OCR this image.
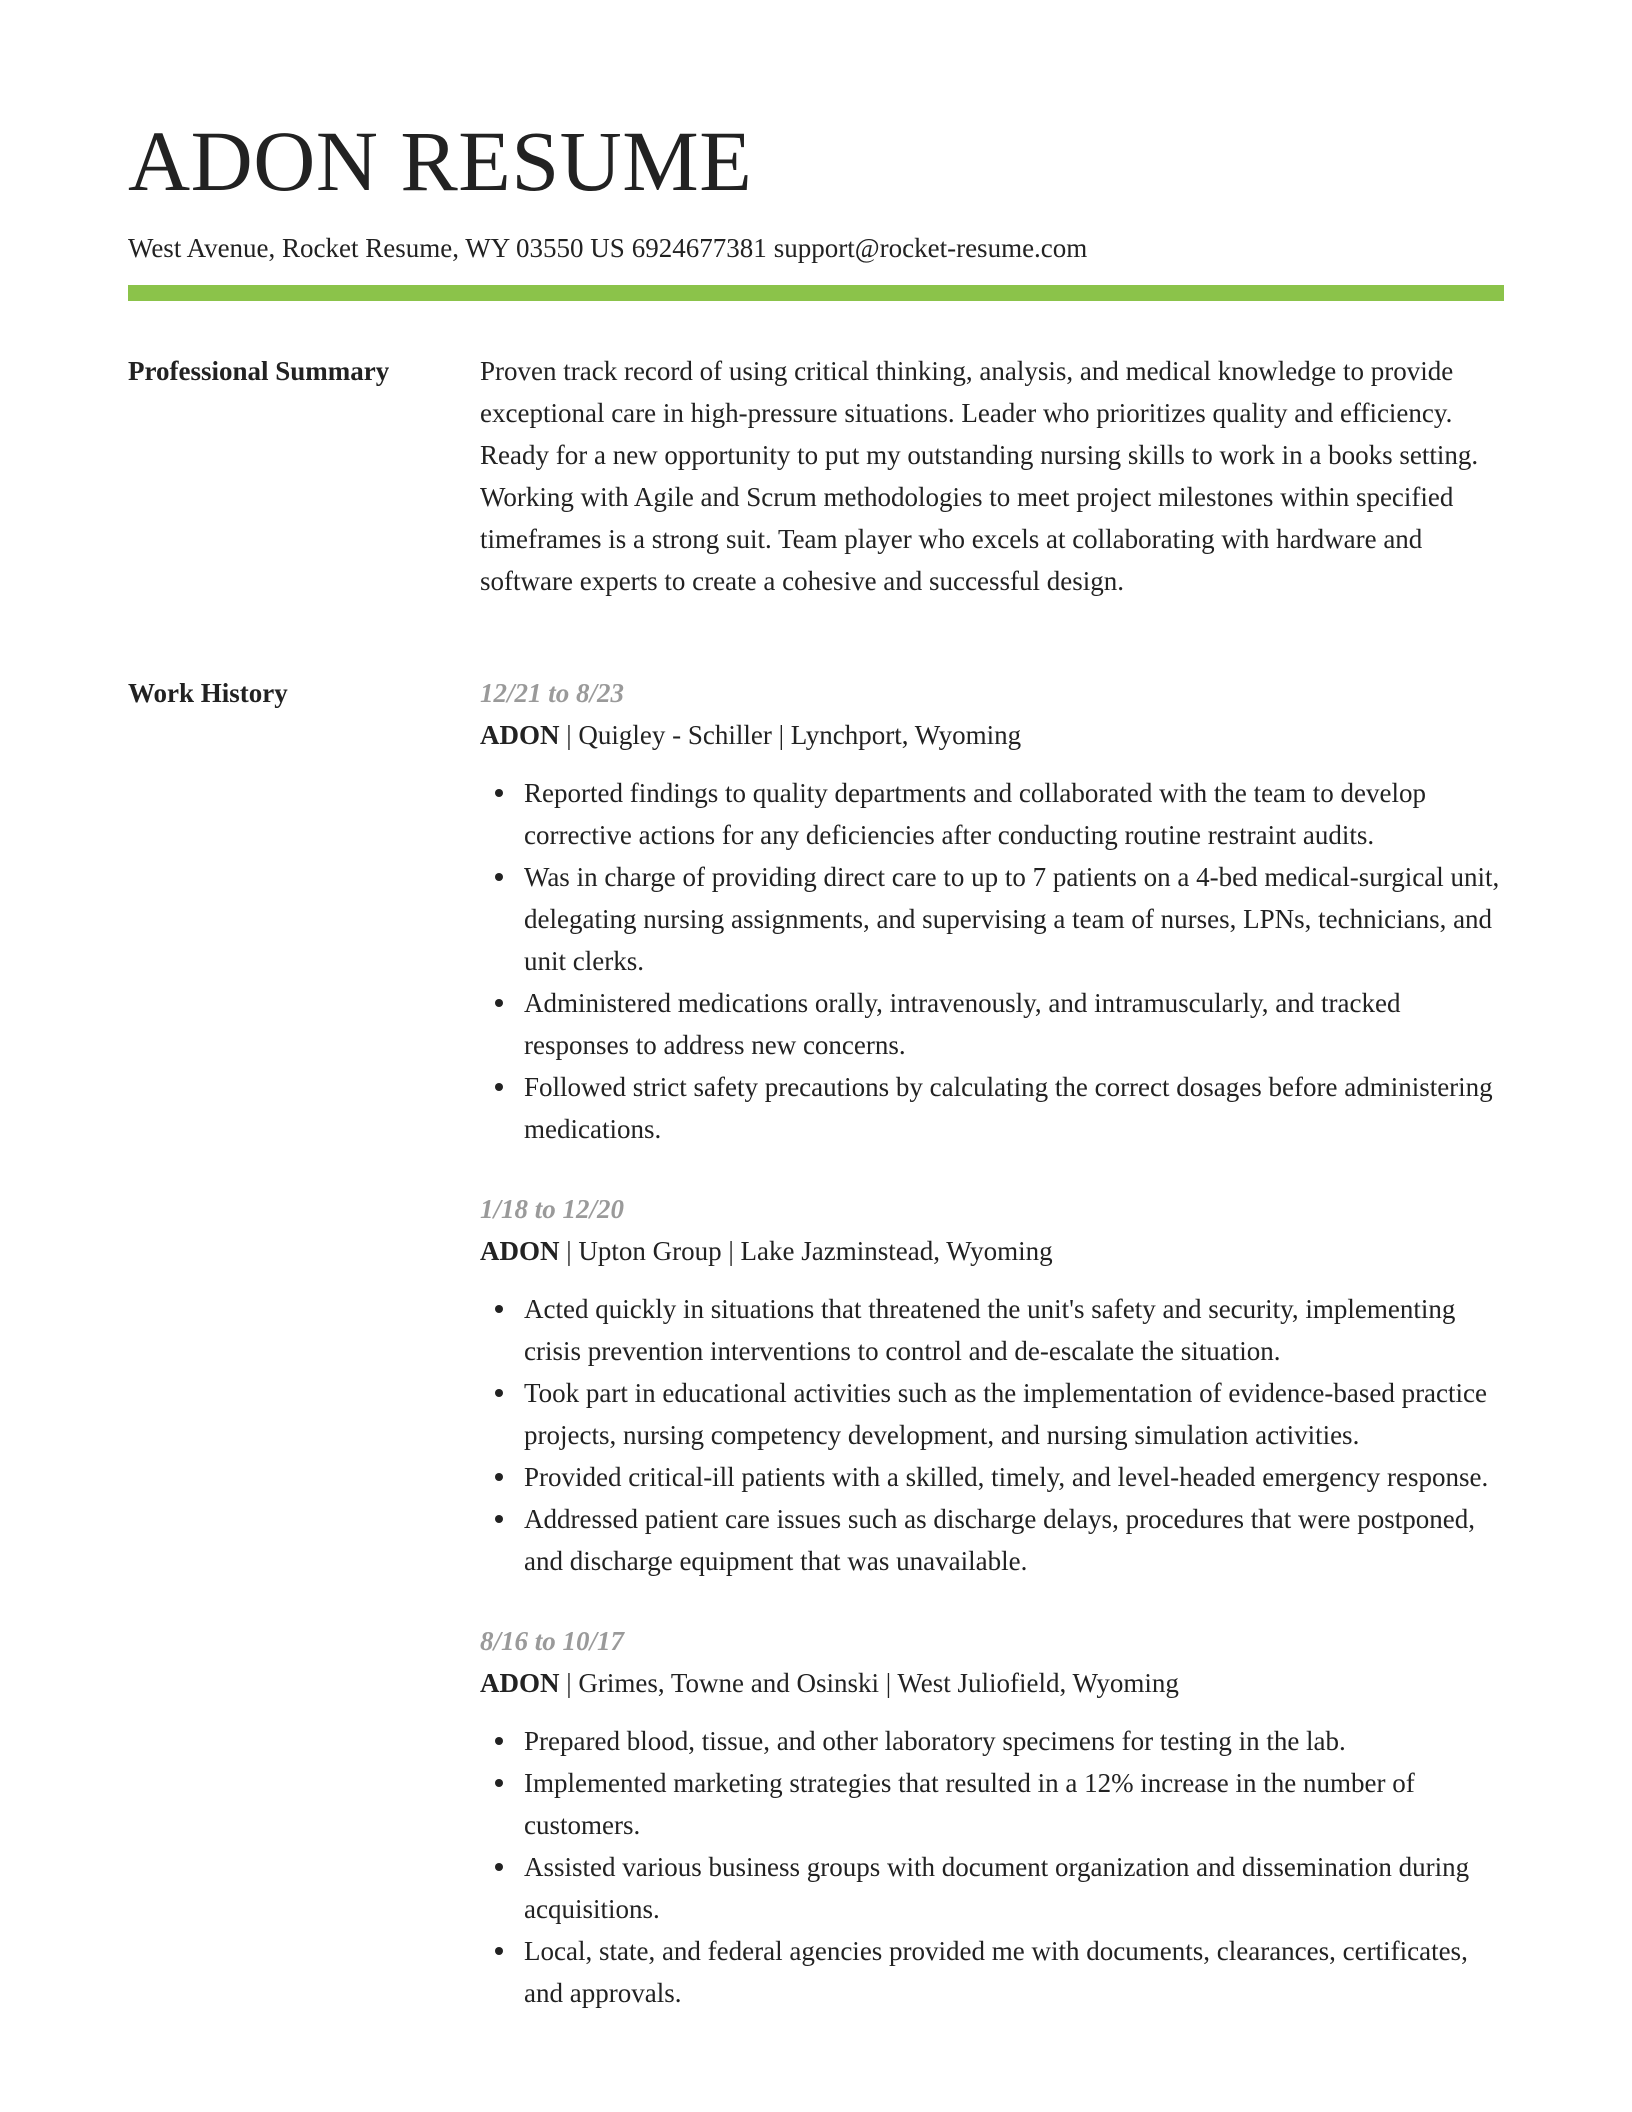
ADON RESUME
West Avenue, Rocket Resume, WY 03550 US 6924677381 support@rocket-resume.com
Professional Summary	Proven track record of using critical thinking, analysis, and medical knowledge to provide exceptional care in high-pressure situations. Leader who prioritizes quality and efficiency. Ready for a new opportunity to put my outstanding nursing skills to work in a books setting. Working with Agile and Scrum methodologies to meet project milestones within specified timeframes is a strong suit. Team player who excels at collaborating with hardware and software experts to create a cohesive and successful design.

Work History	12/21 to 8/23
ADON | Quigley - Schiller | Lynchport, Wyoming
Reported findings to quality departments and collaborated with the team to develop corrective actions for any deficiencies after conducting routine restraint audits.
Was in charge of providing direct care to up to 7 patients on a 4-bed medical-surgical unit, delegating nursing assignments, and supervising a team of nurses, LPNs, technicians, and unit clerks.
Administered medications orally, intravenously, and intramuscularly, and tracked responses to address new concerns.
Followed strict safety precautions by calculating the correct dosages before administering medications.
1/18 to 12/20
ADON | Upton Group | Lake Jazminstead, Wyoming
Acted quickly in situations that threatened the unit's safety and security, implementing crisis prevention interventions to control and de-escalate the situation.
Took part in educational activities such as the implementation of evidence-based practice projects, nursing competency development, and nursing simulation activities.
Provided critical-ill patients with a skilled, timely, and level-headed emergency response.
Addressed patient care issues such as discharge delays, procedures that were postponed, and discharge equipment that was unavailable.
8/16 to 10/17
ADON | Grimes, Towne and Osinski | West Juliofield, Wyoming
Prepared blood, tissue, and other laboratory specimens for testing in the lab.
Implemented marketing strategies that resulted in a 12% increase in the number of customers.
Assisted various business groups with document organization and dissemination during acquisitions.
Local, state, and federal agencies provided me with documents, clearances, certificates, and approvals.
